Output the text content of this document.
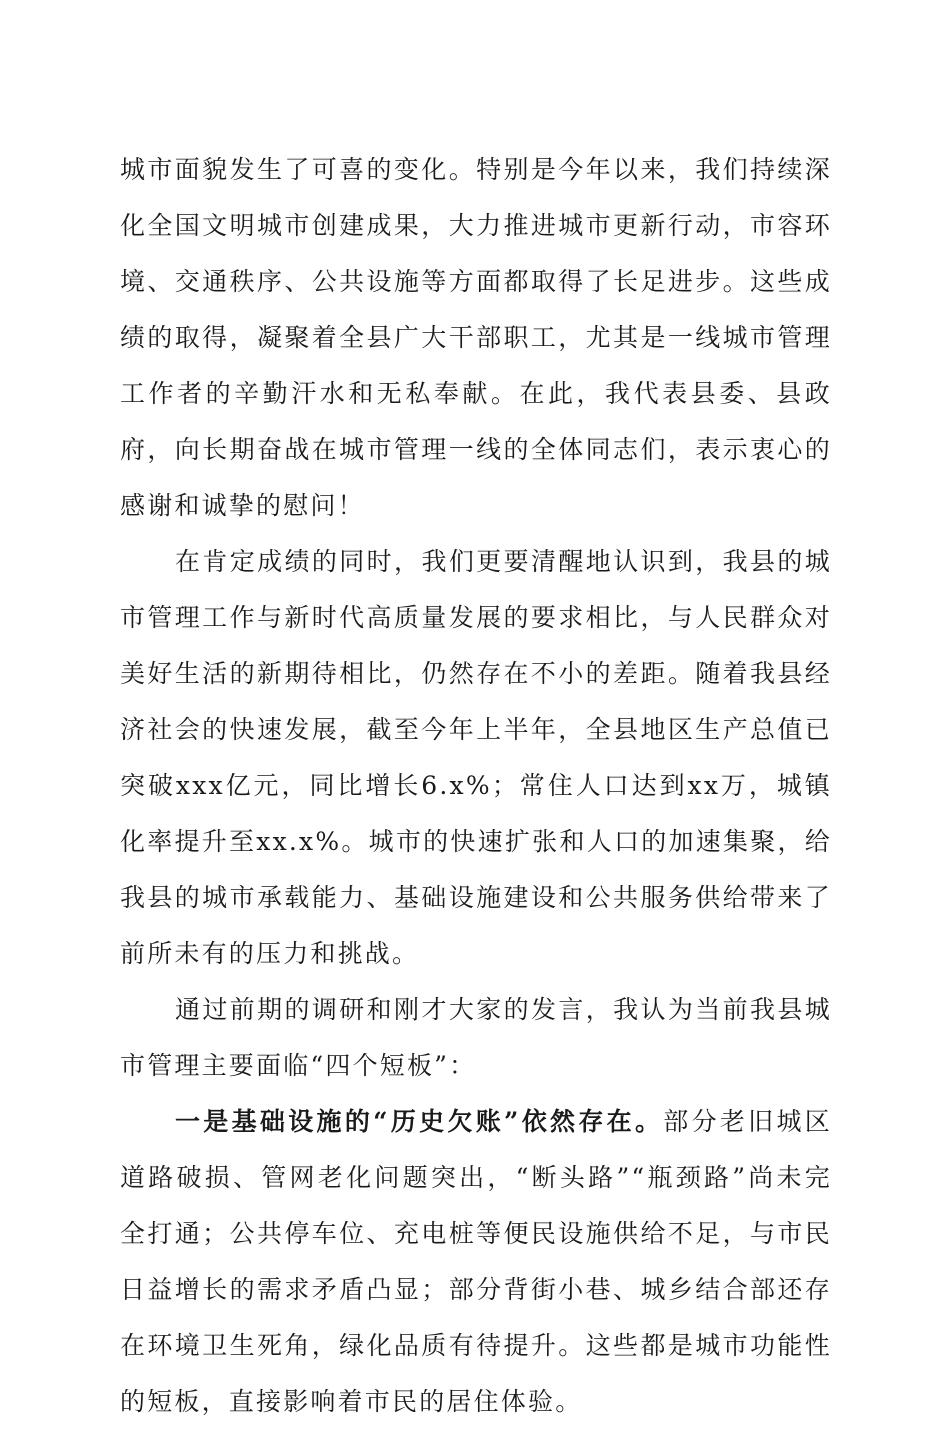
城市面貌发生了可喜的变化。特别是今年以来，我们持续深化全国文明城市创建成果，大力推进城市更新行动，市容环境、交通秩序、公共设施等方面都取得了长足进步。这些成绩的取得，凝聚着全县广大干部职工，尤其是一线城市管理工作者的辛勤汗水和无私奉献。在此，我代表县委、县政府，向长期奋战在城市管理一线的全体同志们，表示衷心的感谢和诚挚的慰问！

在肯定成绩的同时，我们更要清醒地认识到，我县的城市管理工作与新时代高质量发展的要求相比，与人民群众对美好生活的新期待相比，仍然存在不小的差距。随着我县经济社会的快速发展，截至今年上半年，全县地区生产总值已突破xxx亿元，同比增长6.x%；常住人口达到xx万，城镇化率提升至xx.x%。城市的快速扩张和人口的加速集聚，给我县的城市承载能力、基础设施建设和公共服务供给带来了前所未有的压力和挑战。

通过前期的调研和刚才大家的发言，我认为当前我县城市管理主要面临“四个短板”：

一是基础设施的“历史欠账”依然存在。部分老旧城区道路破损、管网老化问题突出，“断头路”“瓶颈路”尚未完全打通；公共停车位、充电桩等便民设施供给不足，与市民日益增长的需求矛盾凸显；部分背街小巷、城乡结合部还存在环境卫生死角，绿化品质有待提升。这些都是城市功能性的短板，直接影响着市民的居住体验。
